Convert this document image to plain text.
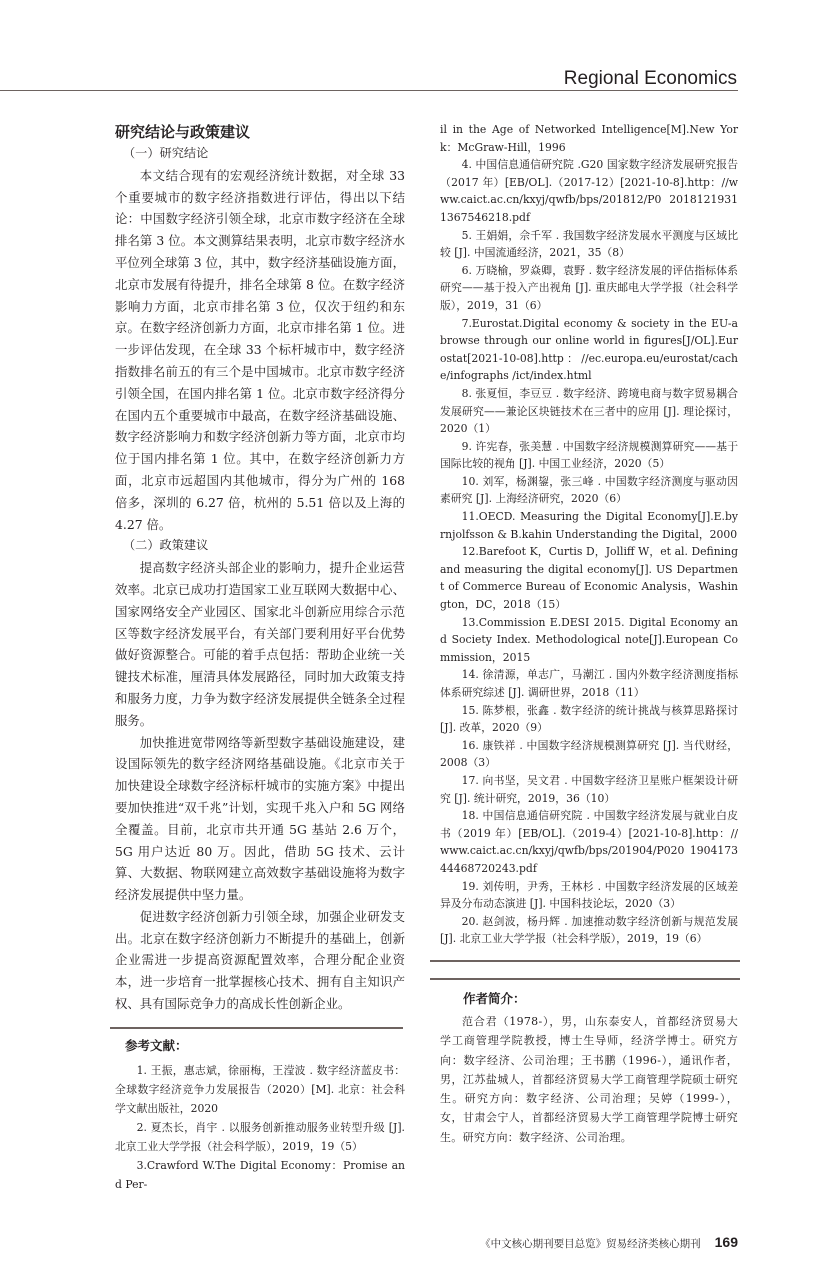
Regional Economics
研究结论与政策建议
（一）研究结论

本文结合现有的宏观经济统计数据，对全球 33 个重要城市的数字经济指数进行评估，得出以下结论：中国数字经济引领全球，北京市数字经济在全球排名第 3 位。本文测算结果表明，北京市数字经济水平位列全球第 3 位，其中，数字经济基础设施方面，北京市发展有待提升，排名全球第 8 位。在数字经济影响力方面，北京市排名第 3 位，仅次于纽约和东京。在数字经济创新力方面，北京市排名第 1 位。进一步评估发现，在全球 33 个标杆城市中，数字经济指数排名前五的有三个是中国城市。北京市数字经济引领全国，在国内排名第 1 位。北京市数字经济得分在国内五个重要城市中最高，在数字经济基础设施、数字经济影响力和数字经济创新力等方面，北京市均位于国内排名第 1 位。其中，在数字经济创新力方面，北京市远超国内其他城市，得分为广州的 168 倍多，深圳的 6.27 倍，杭州的 5.51 倍以及上海的 4.27 倍。

（二）政策建议

提高数字经济头部企业的影响力，提升企业运营效率。北京已成功打造国家工业互联网大数据中心、国家网络安全产业园区、国家北斗创新应用综合示范区等数字经济发展平台，有关部门要利用好平台优势做好资源整合。可能的着手点包括：帮助企业统一关键技术标准，厘清具体发展路径，同时加大政策支持和服务力度，力争为数字经济发展提供全链条全过程服务。

加快推进宽带网络等新型数字基础设施建设，建设国际领先的数字经济网络基础设施。《北京市关于加快建设全球数字经济标杆城市的实施方案》中提出要加快推进“双千兆”计划，实现千兆入户和 5G 网络全覆盖。目前，北京市共开通 5G 基站 2.6 万个，5G 用户达近 80 万。因此，借助 5G 技术、云计算、大数据、物联网建立高效数字基础设施将为数字经济发展提供中坚力量。

促进数字经济创新力引领全球，加强企业研发支出。北京在数字经济创新力不断提升的基础上，创新企业需进一步提高资源配置效率，合理分配企业资本，进一步培育一批掌握核心技术、拥有自主知识产权、具有国际竞争力的高成长性创新企业。

参考文献：

1. 王振，惠志斌，徐丽梅，王滢波 . 数字经济蓝皮书：全球数字经济竞争力发展报告（2020）[M]. 北京：社会科学文献出版社，2020

2. 夏杰长，肖宇 . 以服务创新推动服务业转型升级 [J]. 北京工业大学学报（社会科学版），2019，19（5）

3.Crawford W.The Digital Economy：Promise and Per-

il in the Age of Networked Intelligence[M].New York：McGraw-Hill，1996

4. 中国信息通信研究院 .G20 国家数字经济发展研究报告（2017 年）[EB/OL].（2017-12）[2021-10-8].http：//www.caict.ac.cn/kxyj/qwfb/bps/201812/P0 20181219311367546218.pdf

5. 王娟娟，佘千军 . 我国数字经济发展水平测度与区域比较 [J]. 中国流通经济，2021，35（8）

6. 万晓榆，罗焱卿，袁野 . 数字经济发展的评估指标体系研究——基于投入产出视角 [J]. 重庆邮电大学学报（社会科学版），2019，31（6）

7.Eurostat.Digital economy & society in the EU-a browse through our online world in figures[J/OL].Eurostat[2021-10-08].http：//ec.europa.eu/eurostat/cache/infographs /ict/index.html

8. 张夏恒，李豆豆 . 数字经济、跨境电商与数字贸易耦合发展研究——兼论区块链技术在三者中的应用 [J]. 理论探讨，2020（1）

9. 许宪春，张美慧 . 中国数字经济规模测算研究——基于国际比较的视角 [J]. 中国工业经济，2020（5）

10. 刘军，杨渊鋆，张三峰 . 中国数字经济测度与驱动因素研究 [J]. 上海经济研究，2020（6）

11.OECD. Measuring the Digital Economy[J].E.byrnjolfsson & B.kahin Understanding the Digital，2000

12.Barefoot K，Curtis D，Jolliff W，et al. Defining and measuring the digital economy[J]. US Department of Commerce Bureau of Economic Analysis，Washington，DC，2018（15）

13.Commission E.DESI 2015. Digital Economy and Society Index. Methodological note[J].European Commission，2015

14. 徐清源，单志广，马潮江 . 国内外数字经济测度指标体系研究综述 [J]. 调研世界，2018（11）

15. 陈梦根，张鑫 . 数字经济的统计挑战与核算思路探讨 [J]. 改革，2020（9）

16. 康铁祥 . 中国数字经济规模测算研究 [J]. 当代财经，2008（3）

17. 向书坚，吴文君 . 中国数字经济卫星账户框架设计研究 [J]. 统计研究，2019，36（10）

18. 中国信息通信研究院 . 中国数字经济发展与就业白皮书（2019 年）[EB/OL].（2019-4）[2021-10-8].http：//www.caict.ac.cn/kxyj/qwfb/bps/201904/P020 190417344468720243.pdf

19. 刘传明，尹秀，王林杉 . 中国数字经济发展的区域差异及分布动态演进 [J]. 中国科技论坛，2020（3）

20. 赵剑波，杨丹辉 . 加速推动数字经济创新与规范发展 [J]. 北京工业大学学报（社会科学版），2019，19（6）

作者简介：

范合君（1978-），男，山东泰安人，首都经济贸易大学工商管理学院教授，博士生导师，经济学博士。研究方向：数字经济、公司治理；王书鹏（1996-），通讯作者，男，江苏盐城人，首都经济贸易大学工商管理学院硕士研究生。研究方向：数字经济、公司治理；吴婷（1999-），女，甘肃会宁人，首都经济贸易大学工商管理学院博士研究生。研究方向：数字经济、公司治理。

《中文核心期刊要目总览》贸易经济类核心期刊 169
